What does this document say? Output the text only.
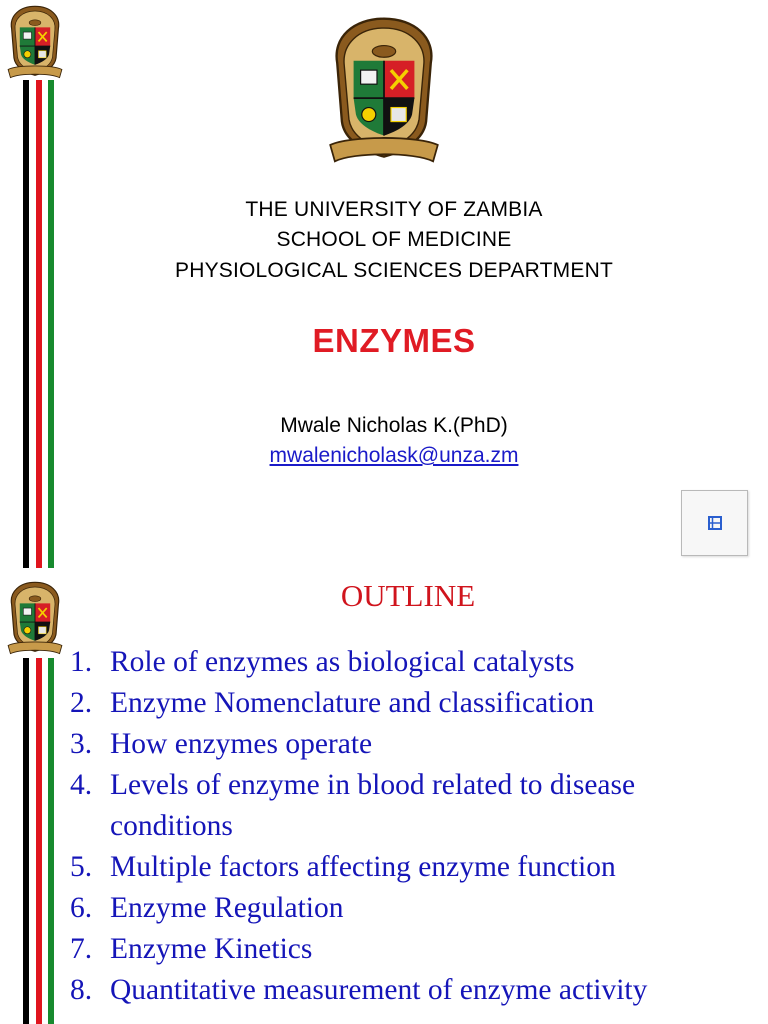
THE UNIVERSITY OF ZAMBIA
SCHOOL OF MEDICINE
PHYSIOLOGICAL SCIENCES DEPARTMENT
ENZYMES
Mwale Nicholas K.(PhD)
mwalenicholask@unza.zm
OUTLINE
1. Role of enzymes as biological catalysts
2. Enzyme Nomenclature and classification
3. How enzymes operate
4. Levels of enzyme in blood related to disease conditions
5. Multiple factors affecting enzyme function
6. Enzyme Regulation
7. Enzyme Kinetics
8. Quantitative measurement of enzyme activity
